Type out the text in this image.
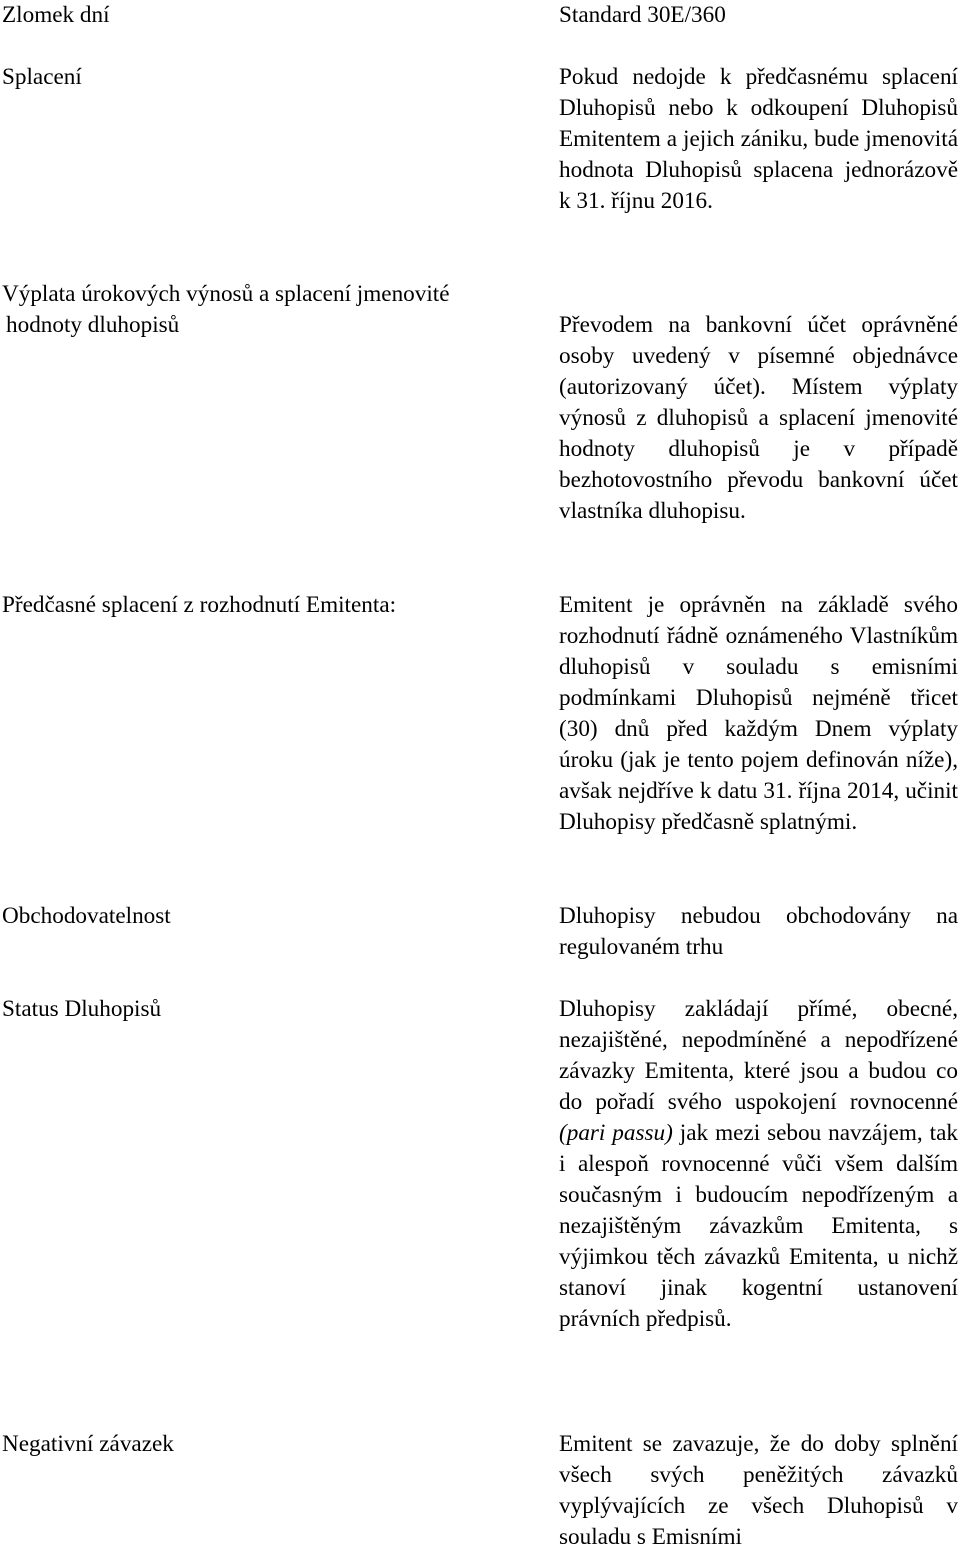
Zlomek dní	Standard 30E/360
Splacení	Pokud nedojde k předčasnému splacení Dluhopisů nebo k odkoupení Dluhopisů Emitentem a jejich zániku, bude jmenovitá hodnota Dluhopisů splacena jednorázově k 31. říjnu 2016.
Výplata úrokových výnosů a splacení jmenovité
hodnoty dluhopisů	Převodem na bankovní účet oprávněné osoby uvedený v písemné objednávce (autorizovaný účet). Místem výplaty výnosů z dluhopisů a splacení jmenovité hodnoty dluhopisů je v případě bezhotovostního převodu bankovní účet vlastníka dluhopisu.
Předčasné splacení z rozhodnutí Emitenta:	Emitent je oprávněn na základě svého rozhodnutí řádně oznámeného Vlastníkům dluhopisů v souladu s emisními podmínkami Dluhopisů nejméně třicet (30) dnů před každým Dnem výplaty úroku (jak je tento pojem definován níže), avšak nejdříve k datu 31. října 2014, učinit Dluhopisy předčasně splatnými.
Obchodovatelnost	Dluhopisy nebudou obchodovány na regulovaném trhu
Status Dluhopisů	Dluhopisy zakládají přímé, obecné, nezajištěné, nepodmíněné a nepodřízené závazky Emitenta, které jsou a budou co do pořadí svého uspokojení rovnocenné (pari passu) jak mezi sebou navzájem, tak i alespoň rovnocenné vůči všem dalším současným i budoucím nepodřízeným a nezajištěným závazkům Emitenta, s výjimkou těch závazků Emitenta, u nichž stanoví jinak kogentní ustanovení právních předpisů.
Negativní závazek	Emitent se zavazuje, že do doby splnění všech svých peněžitých závazků vyplývajících ze všech Dluhopisů v souladu s Emisními
